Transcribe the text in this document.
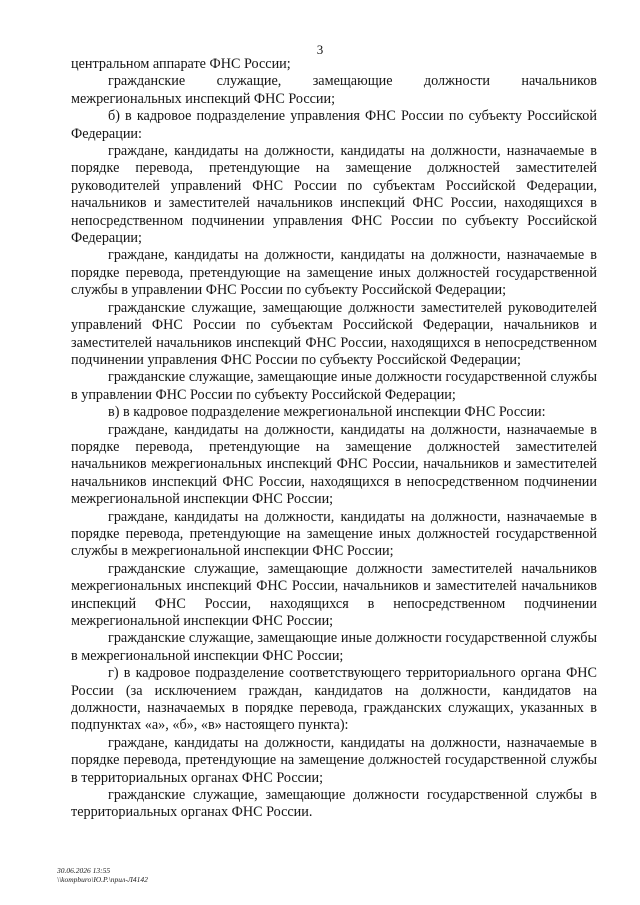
3

центральном аппарате ФНС России;

гражданские служащие, замещающие должности начальников межрегиональных инспекций ФНС России;

б) в кадровое подразделение управления ФНС России по субъекту Российской Федерации:

граждане, кандидаты на должности, кандидаты на должности, назначаемые в порядке перевода, претендующие на замещение должностей заместителей руководителей управлений ФНС России по субъектам Российской Федерации, начальников и заместителей начальников инспекций ФНС России, находящихся в непосредственном подчинении управления ФНС России по субъекту Российской Федерации;

граждане, кандидаты на должности, кандидаты на должности, назначаемые в порядке перевода, претендующие на замещение иных должностей государственной службы в управлении ФНС России по субъекту Российской Федерации;

гражданские служащие, замещающие должности заместителей руководителей управлений ФНС России по субъектам Российской Федерации, начальников и заместителей начальников инспекций ФНС России, находящихся в непосредственном подчинении управления ФНС России по субъекту Российской Федерации;

гражданские служащие, замещающие иные должности государственной службы в управлении ФНС России по субъекту Российской Федерации;

в) в кадровое подразделение межрегиональной инспекции ФНС России:

граждане, кандидаты на должности, кандидаты на должности, назначаемые в порядке перевода, претендующие на замещение должностей заместителей начальников межрегиональных инспекций ФНС России, начальников и заместителей начальников инспекций ФНС России, находящихся в непосредственном подчинении межрегиональной инспекции ФНС России;

граждане, кандидаты на должности, кандидаты на должности, назначаемые в порядке перевода, претендующие на замещение иных должностей государственной службы в межрегиональной инспекции ФНС России;

гражданские служащие, замещающие должности заместителей начальников межрегиональных инспекций ФНС России, начальников и заместителей начальников инспекций ФНС России, находящихся в непосредственном подчинении межрегиональной инспекции ФНС России;

гражданские служащие, замещающие иные должности государственной службы в межрегиональной инспекции ФНС России;

г) в кадровое подразделение соответствующего территориального органа ФНС России (за исключением граждан, кандидатов на должности, кандидатов на должности, назначаемых в порядке перевода, гражданских служащих, указанных в подпунктах «а», «б», «в» настоящего пункта):

граждане, кандидаты на должности, кандидаты на должности, назначаемые в порядке перевода, претендующие на замещение должностей государственной службы в территориальных органах ФНС России;

гражданские служащие, замещающие должности государственной службы в территориальных органах ФНС России.

30.06.2026 13:55
\\kompburo\Ю.Р.\прил-Л4142
